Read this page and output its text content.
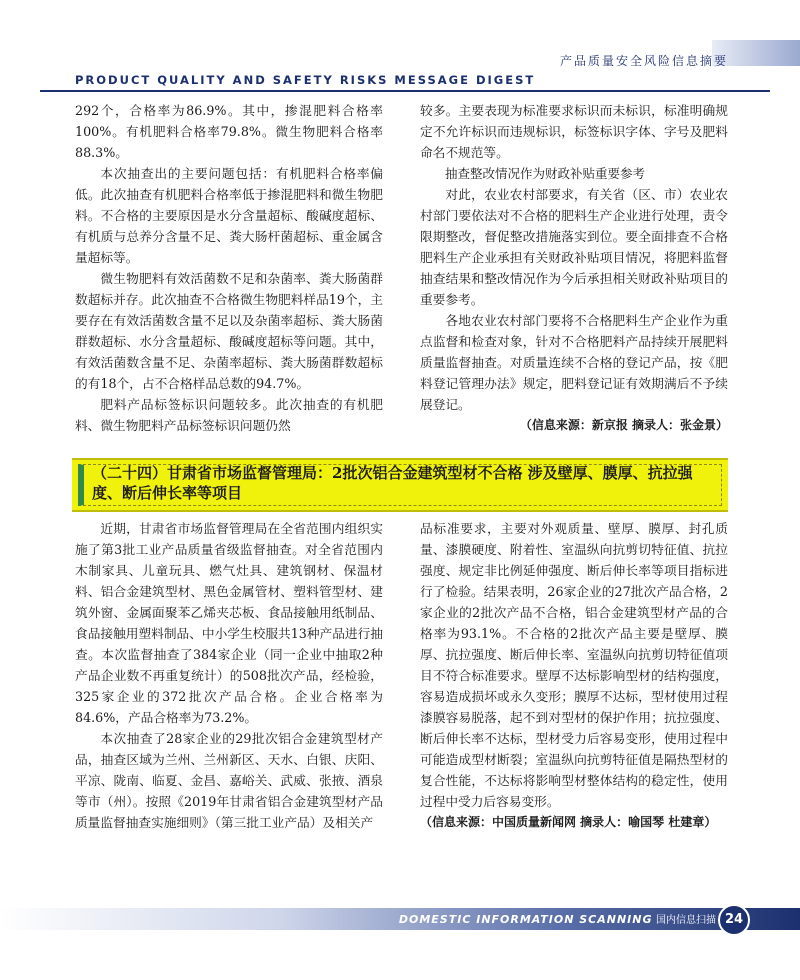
产品质量安全风险信息摘要
PRODUCT QUALITY AND SAFETY RISKS MESSAGE DIGEST

292个，合格率为86.9%。其中，掺混肥料合格率100%。有机肥料合格率79.8%。微生物肥料合格率88.3%。

本次抽查出的主要问题包括：有机肥料合格率偏低。此次抽查有机肥料合格率低于掺混肥料和微生物肥料。不合格的主要原因是水分含量超标、酸碱度超标、有机质与总养分含量不足、粪大肠杆菌超标、重金属含量超标等。

微生物肥料有效活菌数不足和杂菌率、粪大肠菌群数超标并存。此次抽查不合格微生物肥料样品19个，主要存在有效活菌数含量不足以及杂菌率超标、粪大肠菌群数超标、水分含量超标、酸碱度超标等问题。其中，有效活菌数含量不足、杂菌率超标、粪大肠菌群数超标的有18个，占不合格样品总数的94.7%。

肥料产品标签标识问题较多。此次抽查的有机肥料、微生物肥料产品标签标识问题仍然

较多。主要表现为标准要求标识而未标识，标准明确规定不允许标识而违规标识，标签标识字体、字号及肥料命名不规范等。

抽查整改情况作为财政补贴重要参考

对此，农业农村部要求，有关省（区、市）农业农村部门要依法对不合格的肥料生产企业进行处理，责令限期整改，督促整改措施落实到位。要全面排查不合格肥料生产企业承担有关财政补贴项目情况，将肥料监督抽查结果和整改情况作为今后承担相关财政补贴项目的重要参考。

各地农业农村部门要将不合格肥料生产企业作为重点监督和检查对象，针对不合格肥料产品持续开展肥料质量监督抽查。对质量连续不合格的登记产品，按《肥料登记管理办法》规定，肥料登记证有效期满后不予续展登记。

（信息来源：新京报 摘录人：张金景）

（二十四）甘肃省市场监督管理局：2批次铝合金建筑型材不合格 涉及壁厚、膜厚、抗拉强度、断后伸长率等项目

近期，甘肃省市场监督管理局在全省范围内组织实施了第3批工业产品质量省级监督抽查。对全省范围内木制家具、儿童玩具、燃气灶具、建筑钢材、保温材料、铝合金建筑型材、黑色金属管材、塑料管型材、建筑外窗、金属面聚苯乙烯夹芯板、食品接触用纸制品、食品接触用塑料制品、中小学生校服共13种产品进行抽查。本次监督抽查了384家企业（同一企业中抽取2种产品企业数不再重复统计）的508批次产品，经检验，325家企业的372批次产品合格。企业合格率为84.6%，产品合格率为73.2%。

本次抽查了28家企业的29批次铝合金建筑型材产品，抽查区域为兰州、兰州新区、天水、白银、庆阳、平凉、陇南、临夏、金昌、嘉峪关、武威、张掖、酒泉等市（州）。按照《2019年甘肃省铝合金建筑型材产品质量监督抽查实施细则》（第三批工业产品）及相关产

品标准要求，主要对外观质量、壁厚、膜厚、封孔质量、漆膜硬度、附着性、室温纵向抗剪切特征值、抗拉强度、规定非比例延伸强度、断后伸长率等项目指标进行了检验。结果表明，26家企业的27批次产品合格，2家企业的2批次产品不合格，铝合金建筑型材产品的合格率为93.1%。不合格的2批次产品主要是壁厚、膜厚、抗拉强度、断后伸长率、室温纵向抗剪切特征值项目不符合标准要求。壁厚不达标影响型材的结构强度，容易造成损坏或永久变形；膜厚不达标，型材使用过程漆膜容易脱落，起不到对型材的保护作用；抗拉强度、断后伸长率不达标，型材受力后容易变形，使用过程中可能造成型材断裂；室温纵向抗剪特征值是隔热型材的复合性能，不达标将影响型材整体结构的稳定性，使用过程中受力后容易变形。

（信息来源：中国质量新闻网 摘录人：喻国琴 杜建章）

DOMESTIC INFORMATION SCANNING 国内信息扫描 24
